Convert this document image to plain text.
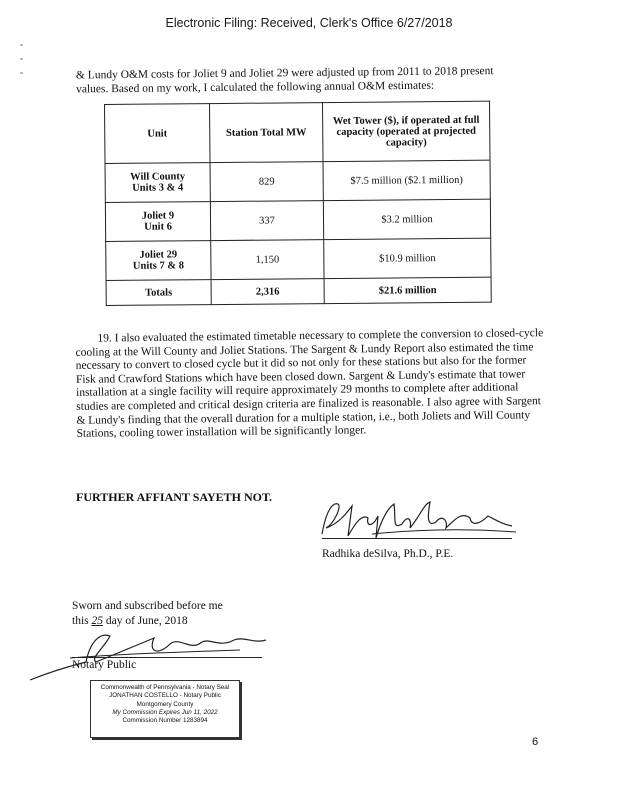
Electronic Filing: Received, Clerk's Office 6/27/2018
& Lundy O&M costs for Joliet 9 and Joliet 29 were adjusted up from 2011 to 2018 present
values. Based on my work, I calculated the following annual O&M estimates:
Unit	Station Total MW	Wet Tower ($), if operated at full capacity (operated at projected capacity)
Will County
Units 3 & 4	829	$7.5 million ($2.1 million)
Joliet 9
Unit 6	337	$3.2 million
Joliet 29
Units 7 & 8	1,150	$10.9 million
Totals	2,316	$21.6 million

19. I also evaluated the estimated timetable necessary to complete the conversion to closed-cycle cooling at the Will County and Joliet Stations. The Sargent & Lundy Report also estimated the time necessary to convert to closed cycle but it did so not only for these stations but also for the former Fisk and Crawford Stations which have been closed down. Sargent & Lundy's estimate that tower installation at a single facility will require approximately 29 months to complete after additional studies are completed and critical design criteria are finalized is reasonable. I also agree with Sargent & Lundy's finding that the overall duration for a multiple station, i.e., both Joliets and Will County Stations, cooling tower installation will be significantly longer.

FURTHER AFFIANT SAYETH NOT.
Radhika deSilva, Ph.D., P.E.
Sworn and subscribed before me
this 25 day of June, 2018
Notary Public
Commonwealth of Pennsylvania - Notary Seal
JONATHAN COSTELLO - Notary Public
Montgomery County
My Commission Expires Jun 11, 2022
Commission Number 1283894
6
